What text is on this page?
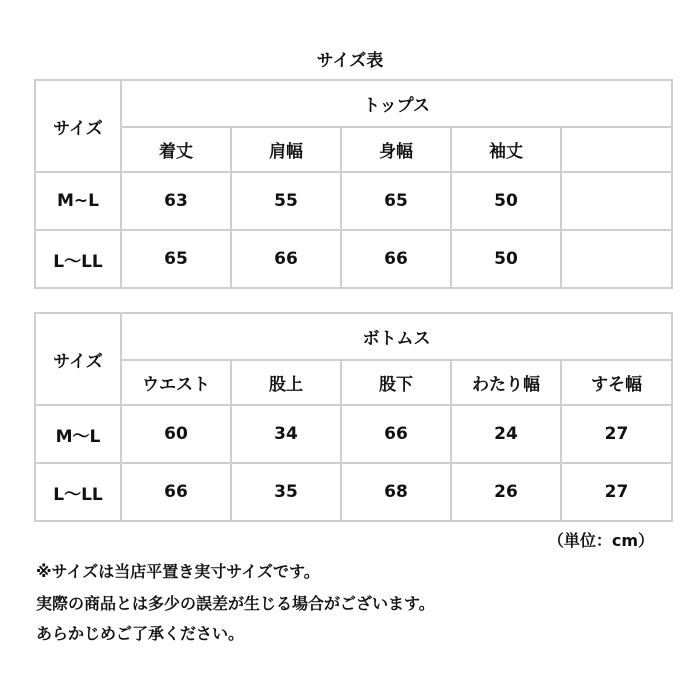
サイズ表
サイズ	トップス				
	着丈	肩幅	身幅	袖丈	
M~L	63	55	65	50	
L～LL	65	66	66	50	
サイズ	ボトムス				
	ウエスト	股上	股下	わたり幅	すそ幅
M～L	60	34	66	24	27
L～LL	66	35	68	26	27
（単位：cm）
※サイズは当店平置き実寸サイズです。
実際の商品とは多少の誤差が生じる場合がございます。
あらかじめご了承ください。
